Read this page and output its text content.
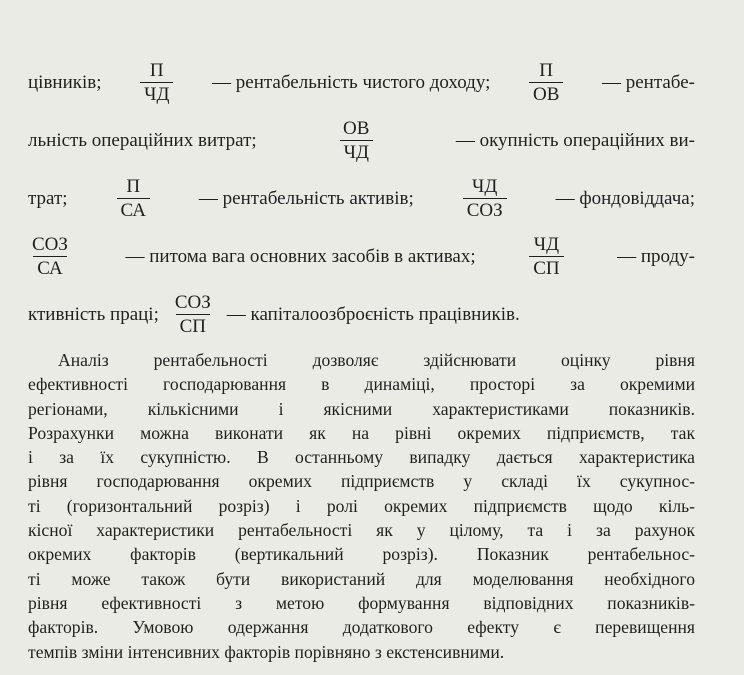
цівників; $\frac{П}{ЧД}$ — рентабельність чистого доходу; $\frac{П}{ОВ}$ — рентабе-
льність операційних витрат;	$\frac{ОВ}{ЧД}$	— окупність операційних ви-
трат;	$\frac{П}{СА}$	— рентабельність активів;	$\frac{ЧД}{\text{СОЗ}}$	— фондовіддача;
$\frac{\text{СОЗ}}{СА}$	— питома вага основних засобів в активах;	$\frac{ЧД}{СП}$	— проду-
ктивність праці; $\frac{\text{СОЗ}}{СП}$ — капіталоозброєність працівників.
Аналіз рентабельності дозволяє здійснювати оцінку рівня
ефективності господарювання в динаміці, просторі за окремими
регіонами, кількісними і якісними характеристиками показників.
Розрахунки можна виконати як на рівні окремих підприємств, так
і за їх сукупністю. В останньому випадку дається характеристика
рівня господарювання окремих підприємств у складі їх сукупнос-
ті (горизонтальний розріз) і ролі окремих підприємств щодо кіль-
кісної характеристики рентабельності як у цілому, та і за рахунок
окремих факторів (вертикальний розріз). Показник рентабельнос-
ті може також бути використаний для моделювання необхідного
рівня ефективності з метою формування відповідних показників-
факторів. Умовою одержання додаткового ефекту є перевищення
темпів зміни інтенсивних факторів порівняно з екстенсивними.
